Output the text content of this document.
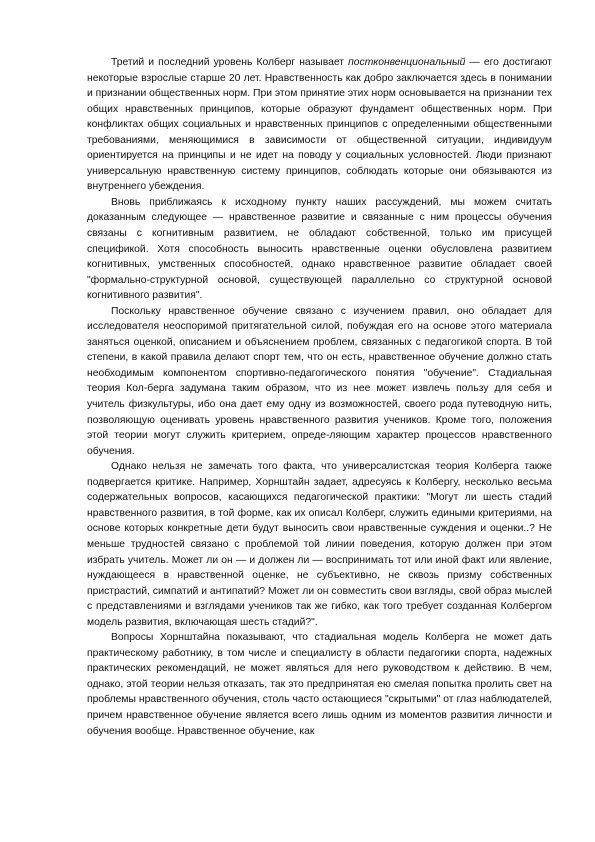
Третий и последний уровень Колберг называет постконвенциональный — его достигают некоторые взрослые старше 20 лет. Нравственность как добро заключается здесь в понимании и признании общественных норм. При этом принятие этих норм основывается на признании тех общих нравственных принципов, которые образуют фундамент общественных норм. При конфликтах общих социальных и нравственных принципов с определенными общественными требованиями, меняющимися в зависимости от общественной ситуации, индивидуум ориентируется на принципы и не идет на поводу у социальных условностей. Люди признают универсальную нравственную систему принципов, соблюдать которые они обязываются из внутреннего убеждения.

Вновь приближаясь к исходному пункту наших рассуждений, мы можем считать доказанным следующее — нравственное развитие и связанные с ним процессы обучения связаны с когнитивным развитием, не обладают собственной, только им присущей спецификой. Хотя способность выносить нравственные оценки обусловлена развитием когнитивных, умственных способностей, однако нравственное развитие обладает своей "формально-структурной основой, существующей параллельно со структурной основой когнитивного развития".

Поскольку нравственное обучение связано с изучением правил, оно обладает для исследователя неоспоримой притягательной силой, побуждая его на основе этого материала заняться оценкой, описанием и объяснением проблем, связанных с педагогикой спорта. В той степени, в какой правила делают спорт тем, что он есть, нравственное обучение должно стать необходимым компонентом спортивно-педагогического понятия "обучение". Стадиальная теория Кол-берга задумана таким образом, что из нее может извлечь пользу для себя и учитель физкультуры, ибо она дает ему одну из возможностей, своего рода путеводную нить, позволяющую оценивать уровень нравственного развития учеников. Кроме того, положения этой теории могут служить критерием, опреде-ляющим характер процессов нравственного обучения.

Однако нельзя не замечать того факта, что универсалистская теория Колберга также подвергается критике. Например, Хорнштайн задает, адресуясь к Колбергу, несколько весьма содержательных вопросов, касающихся педагогической практики: "Могут ли шесть стадий нравственного развития, в той форме, как их описал Колберг, служить едиными критериями, на основе которых конкретные дети будут выносить свои нравственные суждения и оценки..? Не меньше трудностей связано с проблемой той линии поведения, которую должен при этом избрать учитель. Может ли он — и должен ли — воспринимать тот или иной факт или явление, нуждающееся в нравственной оценке, не субъективно, не сквозь призму собственных пристрастий, симпатий и антипатий? Может ли он совместить свои взгляды, свой образ мыслей с представлениями и взглядами учеников так же гибко, как того требует созданная Колбергом модель развития, включающая шесть стадий?".

Вопросы Хорнштайна показывают, что стадиальная модель Колберга не может дать практическому работнику, в том числе и специалисту в области педагогики спорта, надежных практических рекомендаций, не может являться для него руководством к действию. В чем, однако, этой теории нельзя отказать, так это предпринятая ею смелая попытка пролить свет на проблемы нравственного обучения, столь часто остающиеся "скрытыми" от глаз наблюдателей, причем нравственное обучение является всего лишь одним из моментов развития личности и обучения вообще. Нравственное обучение, как
